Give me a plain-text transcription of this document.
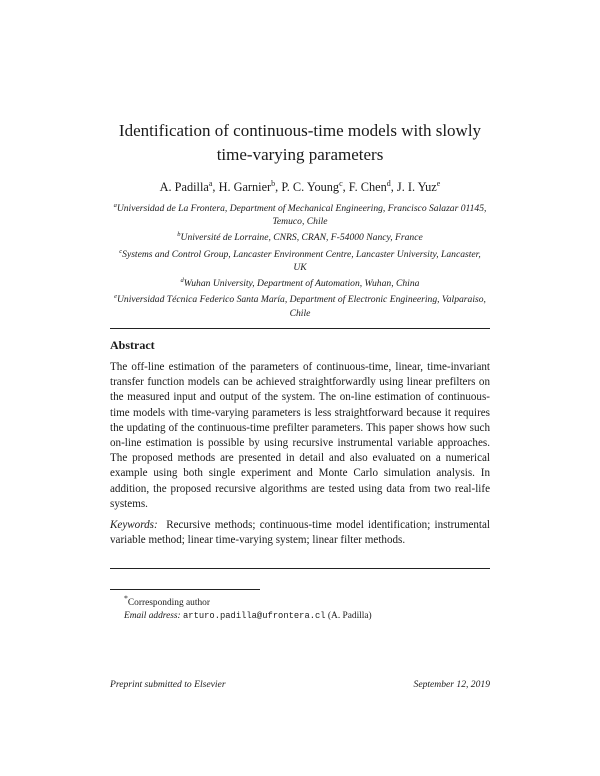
Identification of continuous-time models with slowly
time-varying parameters
A. Padilla$^a$, H. Garnier$^b$, P. C. Young$^c$, F. Chen$^d$, J. I. Yuz$^e$
$^a$Universidad de La Frontera, Department of Mechanical Engineering, Francisco Salazar 01145, Temuco, Chile
$^b$Université de Lorraine, CNRS, CRAN, F-54000 Nancy, France
$^c$Systems and Control Group, Lancaster Environment Centre, Lancaster University, Lancaster, UK
$^d$Wuhan University, Department of Automation, Wuhan, China
$^e$Universidad Técnica Federico Santa María, Department of Electronic Engineering, Valparaiso, Chile
Abstract
The off-line estimation of the parameters of continuous-time, linear, time-invariant transfer function models can be achieved straightforwardly using linear prefilters on the measured input and output of the system. The on-line estimation of continuous-time models with time-varying parameters is less straightforward because it requires the updating of the continuous-time prefilter parameters. This paper shows how such on-line estimation is possible by using recursive instrumental variable approaches. The proposed methods are presented in detail and also evaluated on a numerical example using both single experiment and Monte Carlo simulation analysis. In addition, the proposed recursive algorithms are tested using data from two real-life systems.
Keywords: Recursive methods; continuous-time model identification; instrumental variable method; linear time-varying system; linear filter methods.
*Corresponding author
Email address: arturo.padilla@ufrontera.cl (A. Padilla)
Preprint submitted to Elsevier	September 12, 2019
